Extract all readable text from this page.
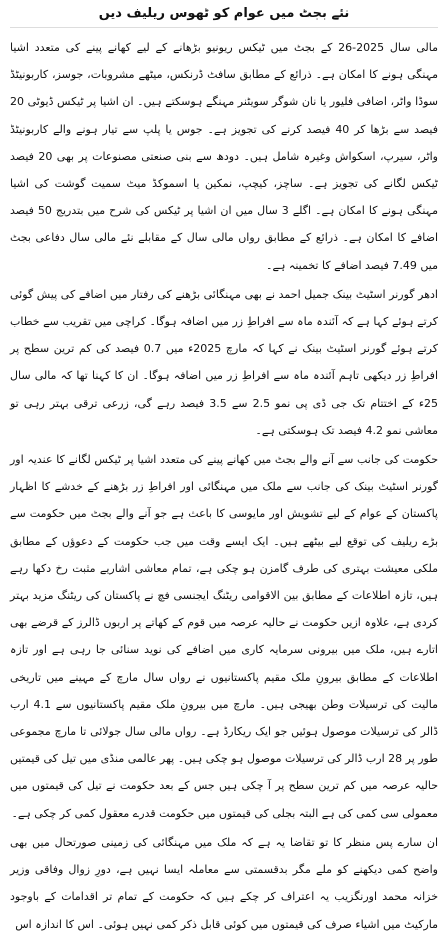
نئے بجٹ میں عوام کو ٹھوس ریلیف دیں

مالی سال 2025-26 کے بجٹ میں ٹیکس ریونیو بڑھانے کے لیے کھانے پینے کی متعدد اشیا مہنگی ہونے کا امکان ہے۔ ذرائع کے مطابق سافٹ ڈرنکس، میٹھے مشروبات، جوسز، کاربونیٹڈ سوڈا واٹر، اضافی فلیور یا نان شوگر سویٹنر مہنگے ہوسکتے ہیں۔ ان اشیا پر ٹیکس ڈیوٹی 20 فیصد سے بڑھا کر 40 فیصد کرنے کی تجویز ہے۔ جوس یا پلپ سے تیار ہونے والے کاربونیٹڈ واٹر، سیرپ، اسکواش وغیرہ شامل ہیں۔ دودھ سے بنی صنعتی مصنوعات پر بھی 20 فیصد ٹیکس لگانے کی تجویز ہے۔ ساچز، کیچپ، نمکین یا اسموکڈ میٹ سمیت گوشت کی اشیا مہنگی ہونے کا امکان ہے۔ اگلے 3 سال میں ان اشیا پر ٹیکس کی شرح میں بتدریج 50 فیصد اضافے کا امکان ہے۔ ذرائع کے مطابق رواں مالی سال کے مقابلے نئے مالی سال دفاعی بجٹ میں 7.49 فیصد اضافے کا تخمینہ ہے۔

ادھر گورنر اسٹیٹ بینک جمیل احمد نے بھی مہنگائی بڑھنے کی رفتار میں اضافے کی پیش گوئی کرتے ہوئے کہا ہے کہ آئندہ ماہ سے افراطِ زر میں اضافہ ہوگا۔ کراچی میں تقریب سے خطاب کرتے ہوئے گورنر اسٹیٹ بینک نے کہا کہ مارچ 2025ء میں 0.7 فیصد کی کم ترین سطح پر افراطِ زر دیکھی تاہم آئندہ ماہ سے افراطِ زر میں اضافہ ہوگا۔ ان کا کہنا تھا کہ مالی سال 25ء کے اختتام تک جی ڈی پی نمو 2.5 سے 3.5 فیصد رہے گی، زرعی ترقی بہتر رہی تو معاشی نمو 4.2 فیصد تک ہوسکتی ہے۔

حکومت کی جانب سے آنے والے بجٹ میں کھانے پینے کی متعدد اشیا پر ٹیکس لگانے کا عندیہ اور گورنر اسٹیٹ بینک کی جانب سے ملک میں مہنگائی اور افراطِ زر بڑھنے کے خدشے کا اظہار پاکستان کے عوام کے لیے تشویش اور مایوسی کا باعث ہے جو آنے والے بجٹ میں حکومت سے بڑے ریلیف کی توقع لیے بیٹھے ہیں۔ ایک ایسے وقت میں جب حکومت کے دعوؤں کے مطابق ملکی معیشت بہتری کی طرف گامزن ہو چکی ہے، تمام معاشی اشاریے مثبت رخ دکھا رہے ہیں، تازہ اطلاعات کے مطابق بین الاقوامی ریٹنگ ایجنسی فچ نے پاکستان کی ریٹنگ مزید بہتر کردی ہے، علاوہ ازیں حکومت نے حالیہ عرصہ میں قوم کے کھاتے پر اربوں ڈالرز کے قرضے بھی اتارے ہیں، ملک میں بیرونی سرمایہ کاری میں اضافے کی نوید سنائی جا رہی ہے اور تازہ اطلاعات کے مطابق بیرونِ ملک مقیم پاکستانیوں نے رواں سال مارچ کے مہینے میں تاریخی مالیت کی ترسیلات وطن بھیجی ہیں۔ مارچ میں بیرونِ ملک مقیم پاکستانیوں سے 4.1 ارب ڈالر کی ترسیلات موصول ہوئیں جو ایک ریکارڈ ہے۔ رواں مالی سال جولائی تا مارچ مجموعی طور پر 28 ارب ڈالر کی ترسیلات موصول ہو چکی ہیں۔ پھر عالمی منڈی میں تیل کی قیمتیں حالیہ عرصہ میں کم ترین سطح پر آ چکی ہیں جس کے بعد حکومت نے تیل کی قیمتوں میں معمولی سی کمی کی ہے البتہ بجلی کی قیمتوں میں حکومت قدرے معقول کمی کر چکی ہے۔

ان سارے پس منظر کا تو تقاضا یہ ہے کہ ملک میں مہنگائی کی زمینی صورتحال میں بھی واضح کمی دیکھنے کو ملے مگر بدقسمتی سے معاملہ ایسا نہیں ہے، دورِ زوال وفاقی وزیر خزانہ محمد اورنگزیب یہ اعتراف کر چکے ہیں کہ حکومت کے تمام تر اقدامات کے باوجود مارکیٹ میں اشیاء صرف کی قیمتوں میں کوئی قابل ذکر کمی نہیں ہوئی۔ اس کا اندازہ اس
